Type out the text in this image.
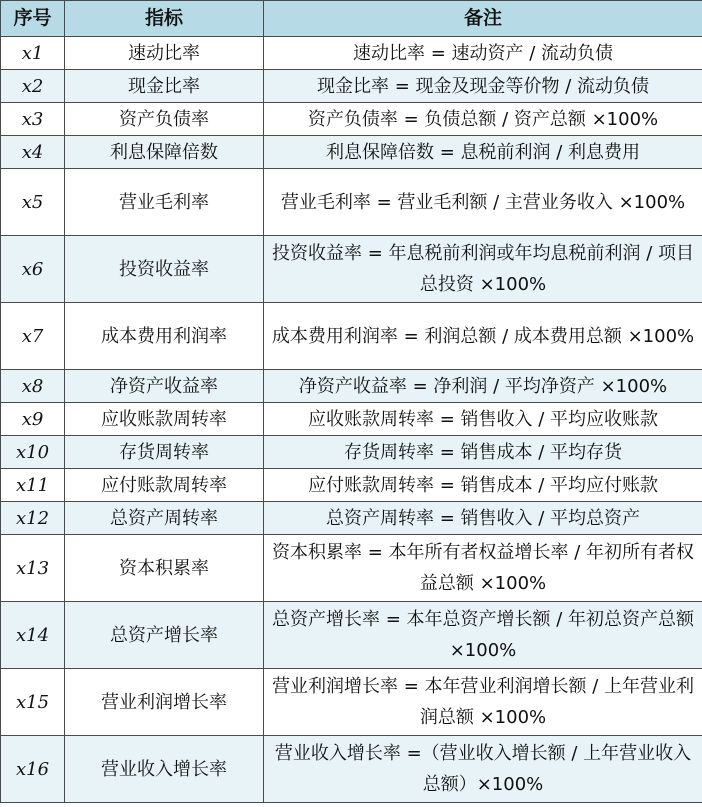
序号	指标	备注
x1	速动比率	速动比率 = 速动资产 / 流动负债
x2	现金比率	现金比率 = 现金及现金等价物 / 流动负债
x3	资产负债率	资产负债率 = 负债总额 / 资产总额 ×100%
x4	利息保障倍数	利息保障倍数 = 息税前利润 / 利息费用
x5	营业毛利率	营业毛利率 = 营业毛利额 / 主营业务收入 ×100%
x6	投资收益率	投资收益率 = 年息税前利润或年均息税前利润 / 项目总投资 ×100%
x7	成本费用利润率	成本费用利润率 = 利润总额 / 成本费用总额 ×100%
x8	净资产收益率	净资产收益率 = 净利润 / 平均净资产 ×100%
x9	应收账款周转率	应收账款周转率 = 销售收入 / 平均应收账款
x10	存货周转率	存货周转率 = 销售成本 / 平均存货
x11	应付账款周转率	应付账款周转率 = 销售成本 / 平均应付账款
x12	总资产周转率	总资产周转率 = 销售收入 / 平均总资产
x13	资本积累率	资本积累率 = 本年所有者权益增长率 / 年初所有者权益总额 ×100%
x14	总资产增长率	总资产增长率 = 本年总资产增长额 / 年初总资产总额 ×100%
x15	营业利润增长率	营业利润增长率 = 本年营业利润增长额 / 上年营业利润总额 ×100%
x16	营业收入增长率	营业收入增长率 =（营业收入增长额 / 上年营业收入总额）×100%
